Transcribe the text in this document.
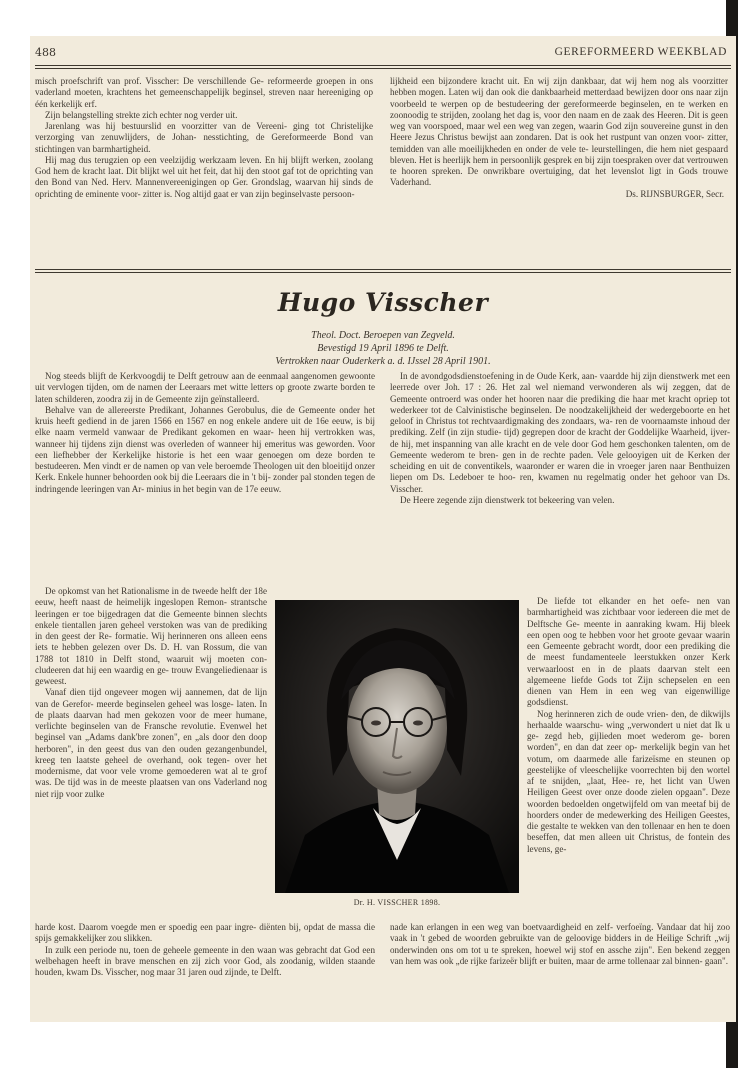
488	GEREFORMEERD WEEKBLAD

misch proefschrift van prof. Visscher: De verschillende Ge- reformeerde groepen in ons vaderland moeten, krachtens het gemeenschappelijk beginsel, streven naar hereeniging op één kerkelijk erf.

Zijn belangstelling strekte zich echter nog verder uit.

Jarenlang was hij bestuurslid en voorzitter van de Vereeni- ging tot Christelijke verzorging van zenuwlijders, de Johan- nesstichting, de Gereformeerde Bond van stichtingen van barmhartigheid.

Hij mag dus terugzien op een veelzijdig werkzaam leven. En hij blijft werken, zoolang God hem de kracht laat. Dit blijkt wel uit het feit, dat hij den stoot gaf tot de oprichting van den Bond van Ned. Herv. Mannenvereenigingen op Ger. Grondslag, waarvan hij sinds de oprichting de eminente voor- zitter is. Nog altijd gaat er van zijn beginselvaste persoon-

lijkheid een bijzondere kracht uit. En wij zijn dankbaar, dat wij hem nog als voorzitter hebben mogen. Laten wij dan ook die dankbaarheid metterdaad bewijzen door ons naar zijn voorbeeld te werpen op de bestudeering der gereformeerde beginselen, en te werken en zoonoodig te strijden, zoolang het dag is, voor den naam en de zaak des Heeren. Dit is geen weg van voorspoed, maar wel een weg van zegen, waarin God zijn souvereine gunst in den Heere Jezus Christus bewijst aan zondaren. Dat is ook het rustpunt van onzen voor- zitter, temidden van alle moeilijkheden en onder de vele te- leurstellingen, die hem niet gespaard bleven. Het is heerlijk hem in persoonlijk gesprek en bij zijn toespraken over dat vertrouwen te hooren spreken. De onwrikbare overtuiging, dat het levenslot ligt in Gods trouwe Vaderhand.

Ds. RIJNSBURGER, Secr.

Hugo Visscher
Theol. Doct. Beroepen van Zegveld.
Bevestigd 19 April 1896 te Delft.
Vertrokken naar Ouderkerk a. d. IJssel 28 April 1901.

Nog steeds blijft de Kerkvoogdij te Delft getrouw aan de eenmaal aangenomen gewoonte uit vervlogen tijden, om de namen der Leeraars met witte letters op groote zwarte borden te laten schilderen, zoodra zij in de Gemeente zijn geïnstalleerd.

Behalve van de allereerste Predikant, Johannes Gerobulus, die de Gemeente onder het kruis heeft gediend in de jaren 1566 en 1567 en nog enkele andere uit de 16e eeuw, is bij elke naam vermeld vanwaar de Predikant gekomen en waar- heen hij vertrokken was, wanneer hij tijdens zijn dienst was overleden of wanneer hij emeritus was geworden. Voor een liefhebber der Kerkelijke historie is het een waar genoegen om deze borden te bestudeeren. Men vindt er de namen op van vele beroemde Theologen uit den bloeitijd onzer Kerk. Enkele hunner behoorden ook bij die Leeraars die in 't bij- zonder pal stonden tegen de indringende leeringen van Ar- minius in het begin van de 17e eeuw.

De opkomst van het Rationalisme in de tweede helft der 18e eeuw, heeft naast de heimelijk ingeslopen Remon- strantsche leeringen er toe bijgedragen dat die Gemeente binnen slechts enkele tientallen jaren geheel verstoken was van de prediking in den geest der Re- formatie. Wij herinneren ons alleen eens iets te hebben gelezen over Ds. D. H. van Rossum, die van 1788 tot 1810 in Delft stond, waaruit wij moeten con- cludeeren dat hij een waardig en ge- trouw Evangeliedienaar is geweest.

Vanaf dien tijd ongeveer mogen wij aannemen, dat de lijn van de Gerefor- meerde beginselen geheel was losge- laten. In de plaats daarvan had men gekozen voor de meer humane, verlichte beginselen van de Fransche revolutie. Evenwel het beginsel van „Adams dank'bre zonen", en „als door den doop herboren", in den geest dus van den ouden gezangenbundel, kreeg ten laatste geheel de overhand, ook tegen- over het modernisme, dat voor vele vrome gemoederen wat al te grof was. De tijd was in de meeste plaatsen van ons Vaderland nog niet rijp voor zulke

harde kost. Daarom voegde men er spoedig een paar ingre- diënten bij, opdat de massa die spijs gemakkelijker zou slikken.

In zulk een periode nu, toen de geheele gemeente in den waan was gebracht dat God een welbehagen heeft in brave menschen en zij zich voor God, als zoodanig, wilden staande houden, kwam Ds. Visscher, nog maar 31 jaren oud zijnde, te Delft.

In de avondgodsdienstoefening in de Oude Kerk, aan- vaardde hij zijn dienstwerk met een leerrede over Joh. 17 : 26. Het zal wel niemand verwonderen als wij zeggen, dat de Gemeente ontroerd was onder het hooren naar die prediking die haar met kracht opriep tot wederkeer tot de Calvinistische beginselen. De noodzakelijkheid der wedergeboorte en het geloof in Christus tot rechtvaardigmaking des zondaars, wa- ren de voornaamste inhoud der prediking. Zelf (in zijn studie- tijd) gegrepen door de kracht der Goddelijke Waarheid, ijver- de hij, met inspanning van alle kracht en de vele door God hem geschonken talenten, om de Gemeente wederom te bren- gen in de rechte paden. Vele gelooyigen uit de Kerken der scheiding en uit de conventikels, waaronder er waren die in vroeger jaren naar Benthuizen liepen om Ds. Ledeboer te hoo- ren, kwamen nu regelmatig onder het gehoor van Ds. Visscher.

De Heere zegende zijn dienstwerk tot bekeering van velen.

De liefde tot elkander en het oefe- nen van barmhartigheid was zichtbaar voor iedereen die met de Delftsche Ge- meente in aanraking kwam. Hij bleek een open oog te hebben voor het groote gevaar waarin een Gemeente gebracht wordt, door een prediking die de meest fundamenteele leerstukken onzer Kerk verwaarloost en in de plaats daarvan stelt een algemeene liefde Gods tot Zijn schepselen en een dienen van Hem in een weg van eigenwillige godsdienst.

Nog herinneren zich de oude vrien- den, de dikwijls herhaalde waarschu- wing „verwondert u niet dat Ik u ge- zegd heb, gijlieden moet wederom ge- boren worden", en dan dat zeer op- merkelijk begin van het votum, om daarmede alle farizeïsme en steunen op geestelijke of vleeschelijke voorrechten bij den wortel af te snijden, „laat, Hee- re, het licht van Uwen Heiligen Geest over onze doode zielen opgaan". Deze woorden bedoelden ongetwijfeld om van meetaf bij de hoorders onder de medewerking des Heiligen Geestes, die gestalte te wekken van den tollenaar en hen te doen beseffen, dat men alleen uit Christus, de fontein des levens, ge-

nade kan erlangen in een weg van boetvaardigheid en zelf- verfoeïng. Vandaar dat hij zoo vaak in 't gebed de woorden gebruikte van de geloovige bidders in de Heilige Schrift „wij onderwinden ons om tot u te spreken, hoewel wij stof en assche zijn". Een bekend zeggen van hem was ook „de rijke farizeër blijft er buiten, maar de arme tollenaar zal binnen- gaan".

Dr. H. VISSCHER 1898.
